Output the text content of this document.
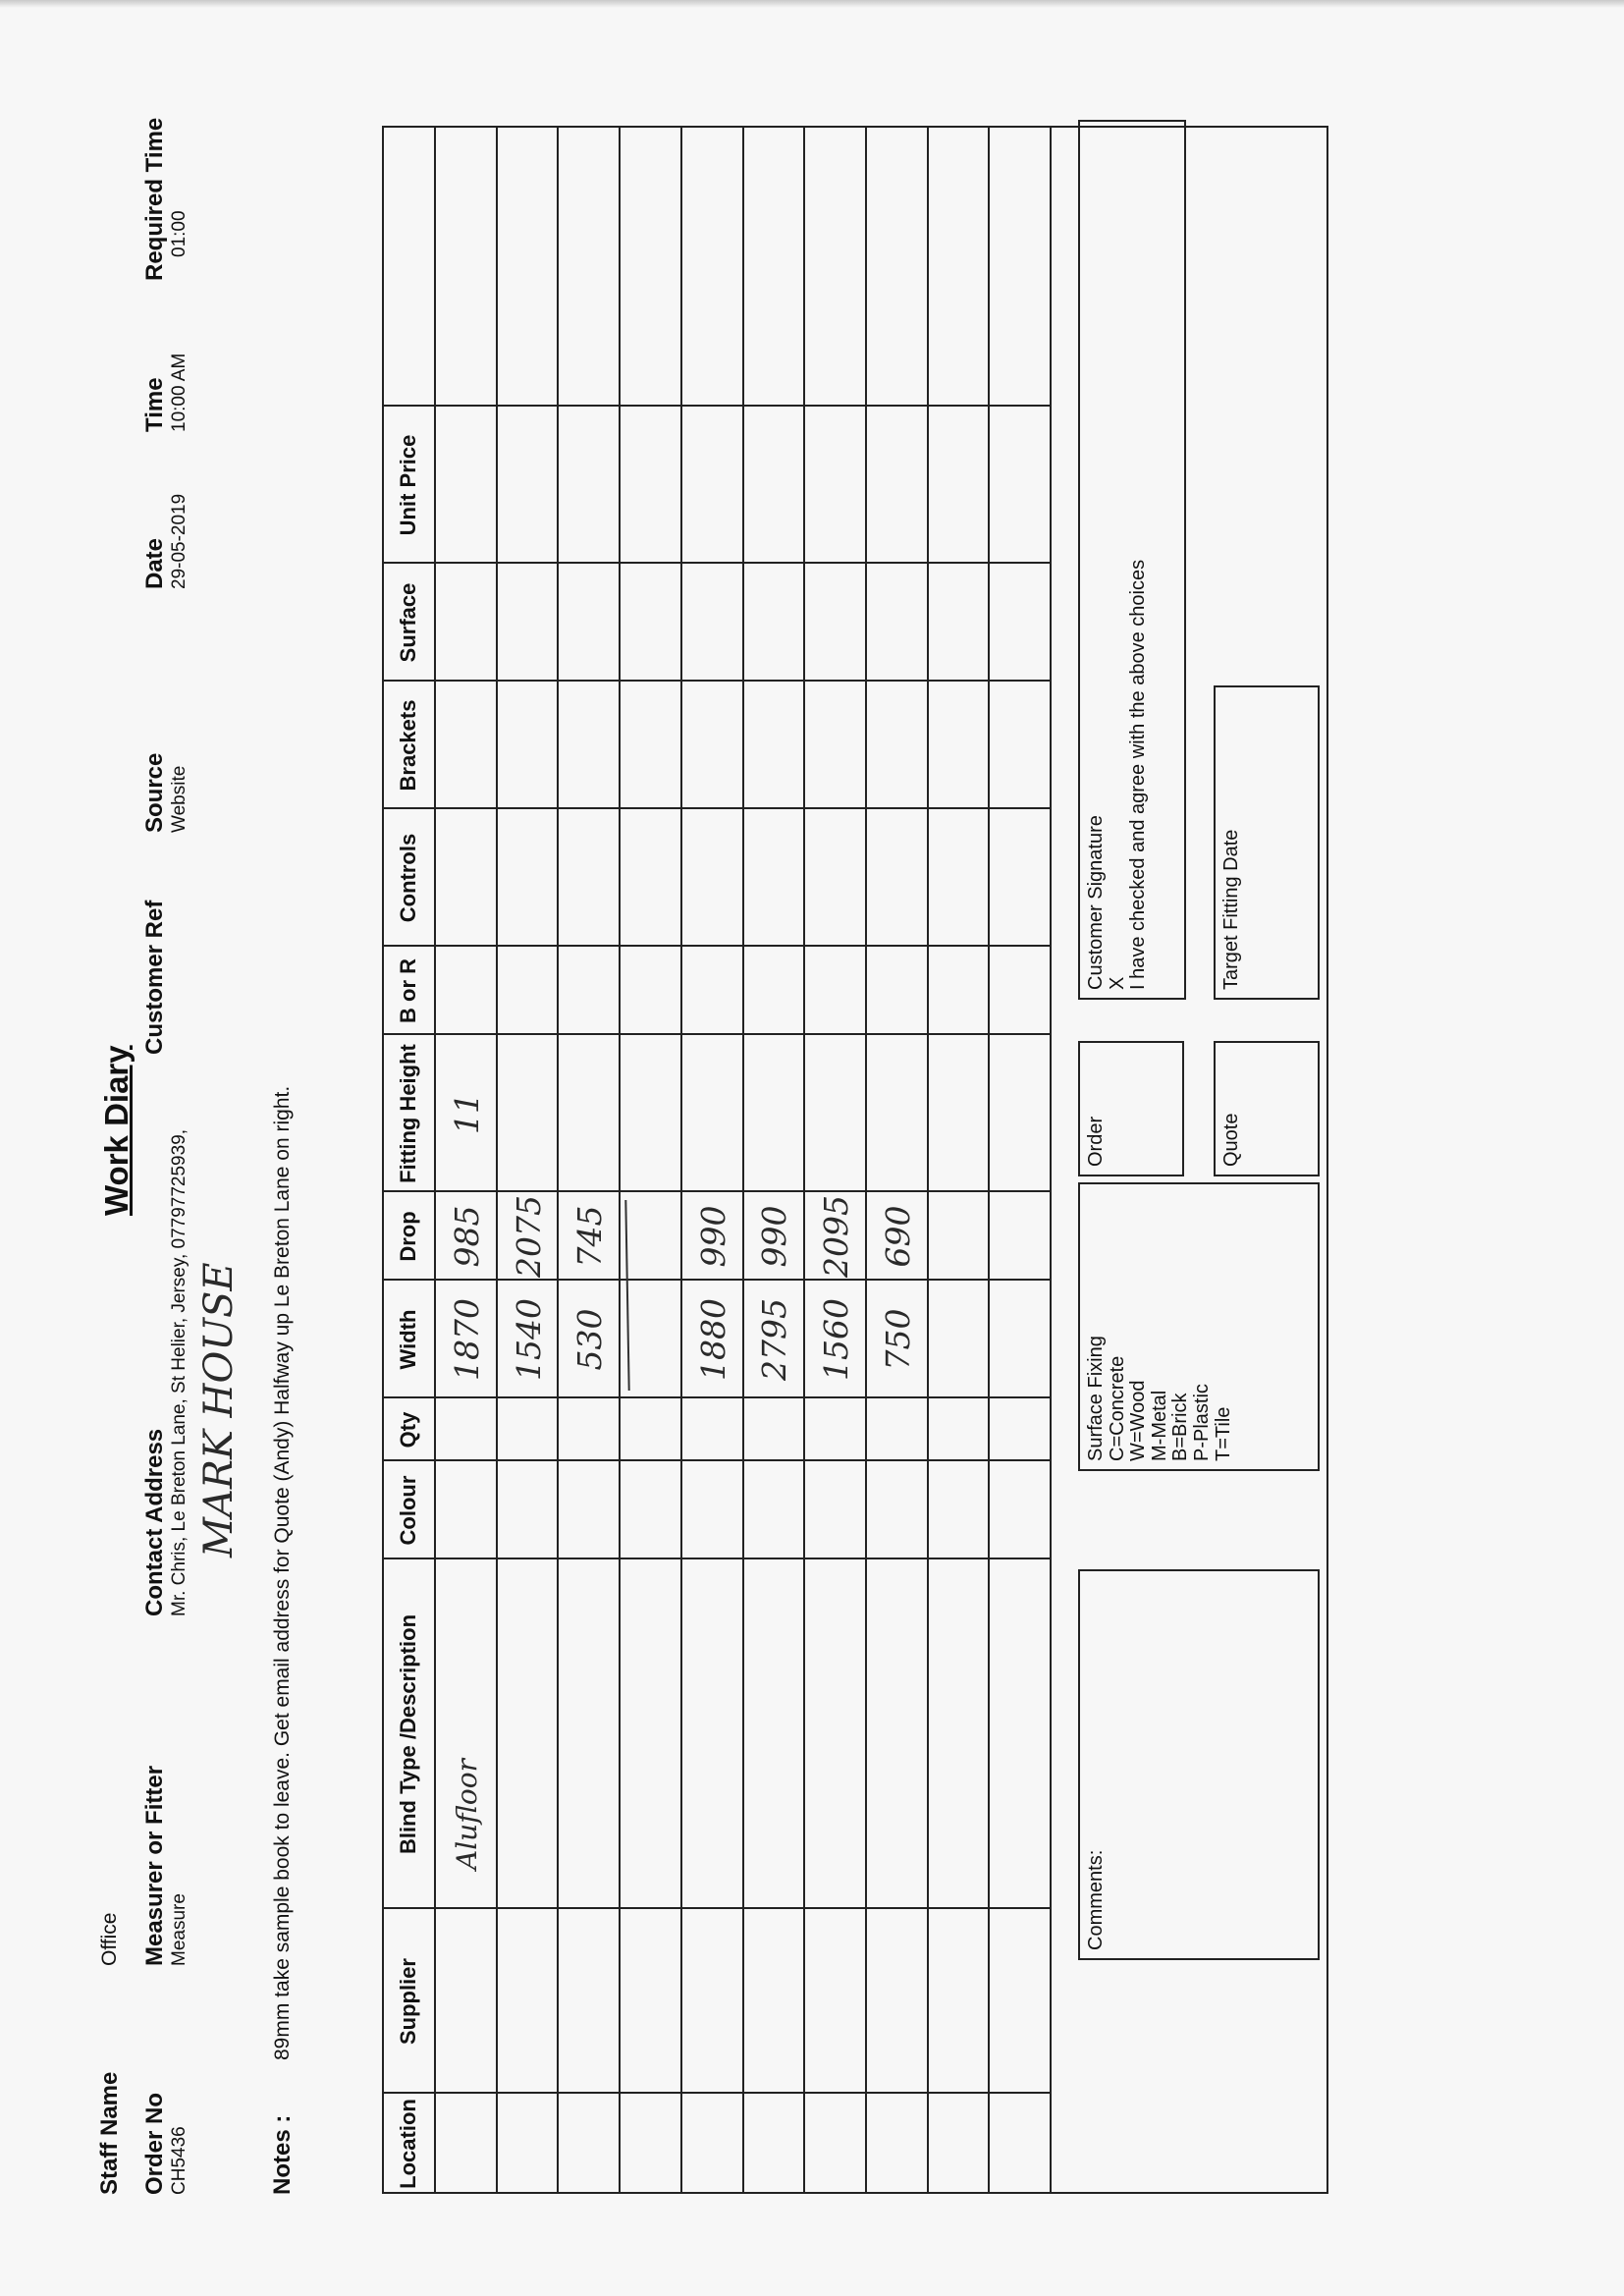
Staff Name
Office
Work Diary
Order No CH5436
Measurer or Fitter Measure
Contact Address Mr. Chris, Le Breton Lane, St Helier, Jersey, 07797725939,
Customer Ref
Source Website
Date 29-05-2019
Time 10:00 AM
Required Time 01:00
MARK HOUSE
Notes :
89mm take sample book to leave. Get email address for Quote (Andy) Halfway up Le Breton Lane on right.
Location
Supplier
Blind Type /Description
Colour
Qty
Width
Drop
Fitting Height
B or R
Controls
Brackets
Surface
Unit Price
Alufloor
1870
985
11
1540
2075
530
745
1880
990
2795
990
1560
2095
750
690
Comments:
Surface Fixing C=Concrete W=Wood M-Metal B=Brick P-Plastic T=Tile
Order	Quote
Customer Signature X I have checked and agree with the above choices	Target Fitting Date
